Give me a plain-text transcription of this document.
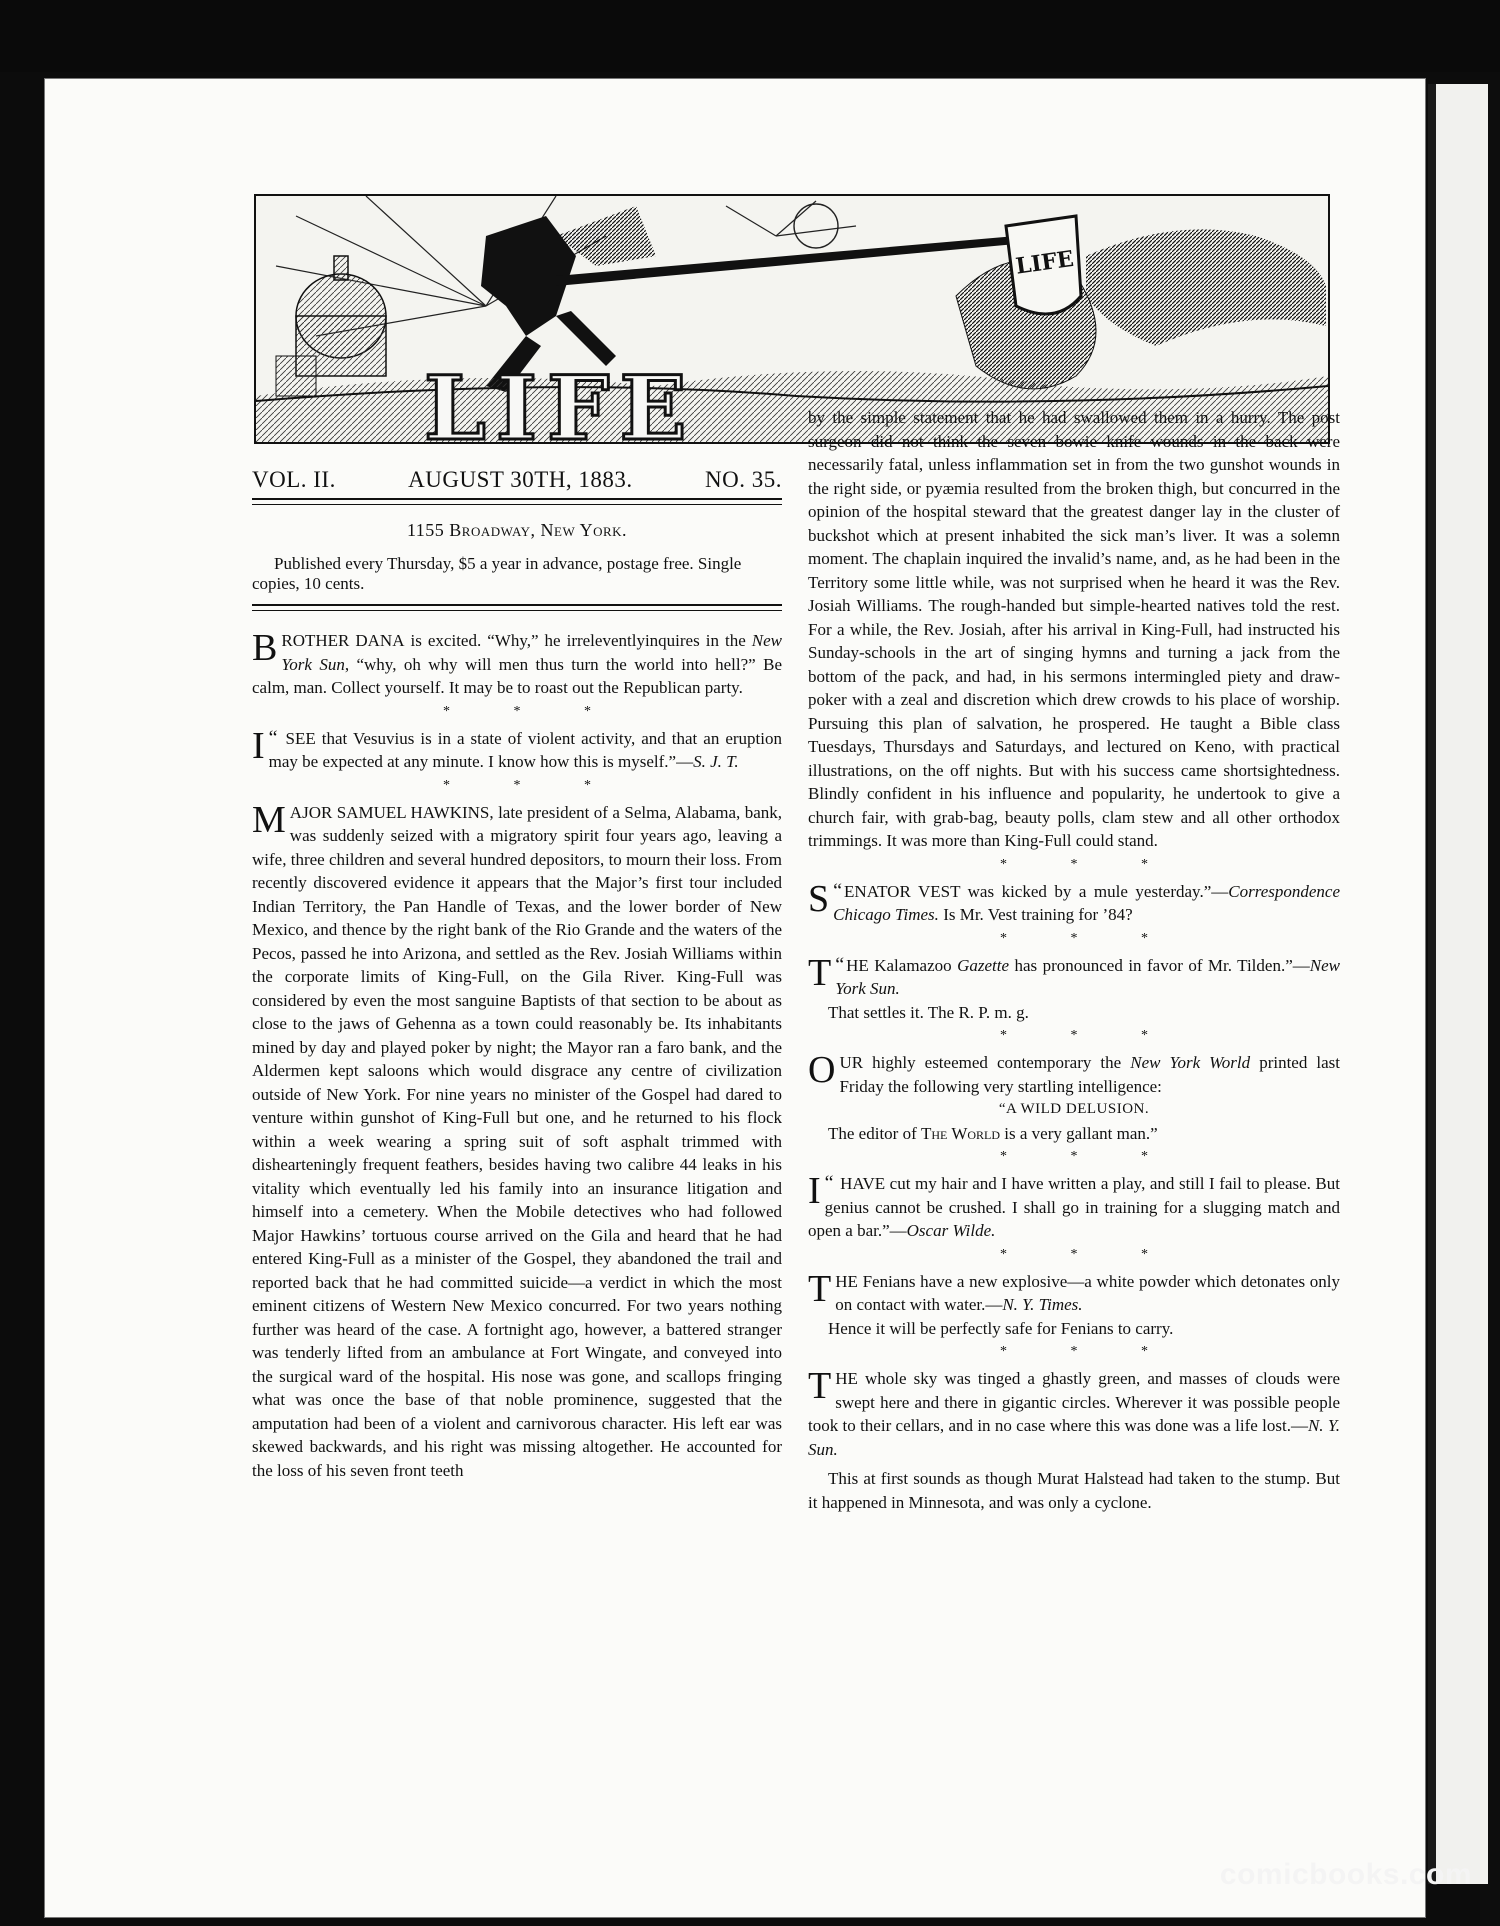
LIFE
LIFE
VOL. II.	AUGUST 30TH, 1883.	NO. 35.
1155 Broadway, New York.
Published every Thursday, $5 a year in advance, postage free. Single copies, 10 cents.

BROTHER DANA is excited. “Why,” he irreleventlyinquires in the New York Sun, “why, oh why will men thus turn the world into hell?” Be calm, man. Collect yourself. It may be to roast out the Republican party.

* * *

“
I SEE that Vesuvius is in a state of violent activity, and that an eruption may be expected at any minute. I know how this is myself.”—S. J. T.

* * *

MAJOR SAMUEL HAWKINS, late president of a Selma, Alabama, bank, was suddenly seized with a migratory spirit four years ago, leaving a wife, three children and several hundred depositors, to mourn their loss. From recently discovered evidence it appears that the Major’s first tour included Indian Territory, the Pan Handle of Texas, and the lower border of New Mexico, and thence by the right bank of the Rio Grande and the waters of the Pecos, passed he into Arizona, and settled as the Rev. Josiah Williams within the corporate limits of King-Full, on the Gila River. King-Full was considered by even the most sanguine Baptists of that section to be about as close to the jaws of Gehenna as a town could reasonably be. Its inhabitants mined by day and played poker by night; the Mayor ran a faro bank, and the Aldermen kept saloons which would disgrace any centre of civilization outside of New York. For nine years no minister of the Gospel had dared to venture within gunshot of King-Full but one, and he returned to his flock within a week wearing a spring suit of soft asphalt trimmed with dishearteningly frequent feathers, besides having two calibre 44 leaks in his vitality which eventually led his family into an insurance litigation and himself into a cemetery. When the Mobile detectives who had followed Major Hawkins’ tortuous course arrived on the Gila and heard that he had entered King-Full as a minister of the Gospel, they abandoned the trail and reported back that he had committed suicide—a verdict in which the most eminent citizens of Western New Mexico concurred. For two years nothing further was heard of the case. A fortnight ago, however, a battered stranger was tenderly lifted from an ambulance at Fort Wingate, and conveyed into the surgical ward of the hospital. His nose was gone, and scallops fringing what was once the base of that noble prominence, suggested that the amputation had been of a violent and carnivorous character. His left ear was skewed backwards, and his right was missing altogether. He accounted for the loss of his seven front teeth

by the simple statement that he had swallowed them in a hurry. The post surgeon did not think the seven bowie knife wounds in the back were necessarily fatal, unless inflammation set in from the two gunshot wounds in the right side, or pyæmia resulted from the broken thigh, but concurred in the opinion of the hospital steward that the greatest danger lay in the cluster of buckshot which at present inhabited the sick man’s liver. It was a solemn moment. The chaplain inquired the invalid’s name, and, as he had been in the Territory some little while, was not surprised when he heard it was the Rev. Josiah Williams. The rough-handed but simple-hearted natives told the rest. For a while, the Rev. Josiah, after his arrival in King-Full, had instructed his Sunday-schools in the art of singing hymns and turning a jack from the bottom of the pack, and had, in his sermons intermingled piety and draw-poker with a zeal and discretion which drew crowds to his place of worship. Pursuing this plan of salvation, he prospered. He taught a Bible class Tuesdays, Thursdays and Saturdays, and lectured on Keno, with practical illustrations, on the off nights. But with his success came shortsightedness. Blindly confident in his influence and popularity, he undertook to give a church fair, with grab-bag, beauty polls, clam stew and all other orthodox trimmings. It was more than King-Full could stand.

* * *

“
S ENATOR VEST was kicked by a mule yesterday.”—Correspondence Chicago Times. Is Mr. Vest training for ’84?

* * *

“
T HE Kalamazoo Gazette has pronounced in favor of Mr. Tilden.”—New York Sun.

That settles it. The R. P. m. g.

* * *

OUR highly esteemed contemporary the New York World printed last Friday the following very startling intelligence:

“A WILD DELUSION.

The editor of The World is a very gallant man.”

* * *

“
I HAVE cut my hair and I have written a play, and still I fail to please. But genius cannot be crushed. I shall go in training for a slugging match and open a bar.”—Oscar Wilde.

* * *

THE Fenians have a new explosive—a white powder which detonates only on contact with water.—N. Y. Times.

Hence it will be perfectly safe for Fenians to carry.

* * *

THE whole sky was tinged a ghastly green, and masses of clouds were swept here and there in gigantic circles. Wherever it was possible people took to their cellars, and in no case where this was done was a life lost.—N. Y. Sun.

This at first sounds as though Murat Halstead had taken to the stump. But it happened in Minnesota, and was only a cyclone.

comicbooks.com
